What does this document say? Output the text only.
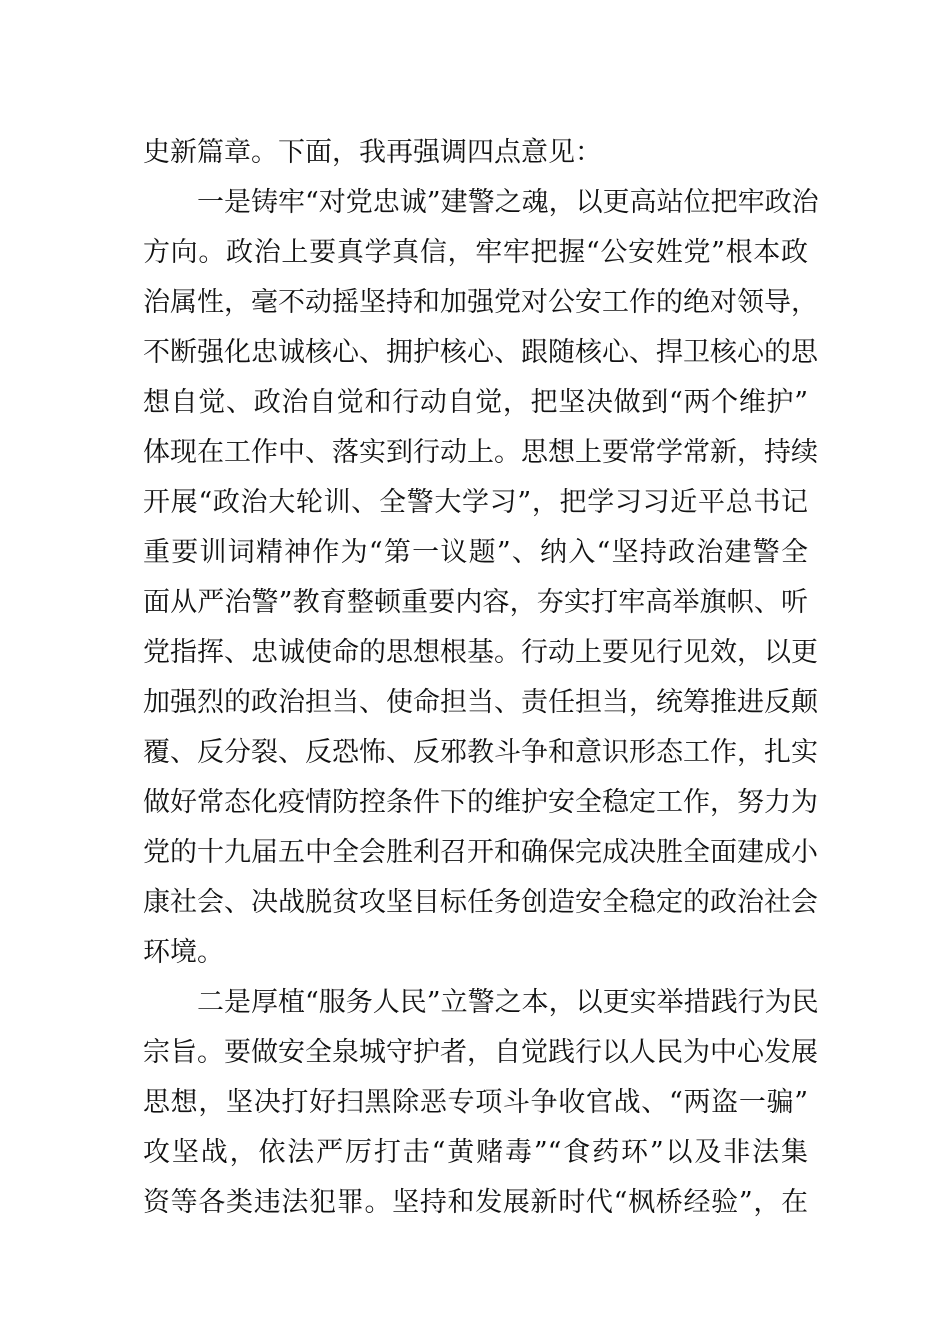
史新篇章。下面，我再强调四点意见：
一是铸牢“对党忠诚”建警之魂，以更高站位把牢政治
方向。政治上要真学真信，牢牢把握“公安姓党”根本政
治属性，毫不动摇坚持和加强党对公安工作的绝对领导，
不断强化忠诚核心、拥护核心、跟随核心、捍卫核心的思
想自觉、政治自觉和行动自觉，把坚决做到“两个维护”
体现在工作中、落实到行动上。思想上要常学常新，持续
开展“政治大轮训、全警大学习”，把学习习近平总书记
重要训词精神作为“第一议题”、纳入“坚持政治建警全
面从严治警”教育整顿重要内容，夯实打牢高举旗帜、听
党指挥、忠诚使命的思想根基。行动上要见行见效，以更
加强烈的政治担当、使命担当、责任担当，统筹推进反颠
覆、反分裂、反恐怖、反邪教斗争和意识形态工作，扎实
做好常态化疫情防控条件下的维护安全稳定工作，努力为
党的十九届五中全会胜利召开和确保完成决胜全面建成小
康社会、决战脱贫攻坚目标任务创造安全稳定的政治社会
环境。
二是厚植“服务人民”立警之本，以更实举措践行为民
宗旨。要做安全泉城守护者，自觉践行以人民为中心发展
思想，坚决打好扫黑除恶专项斗争收官战、“两盗一骗”
攻坚战，依法严厉打击“黄赌毒”“食药环”以及非法集
资等各类违法犯罪。坚持和发展新时代“枫桥经验”，在
